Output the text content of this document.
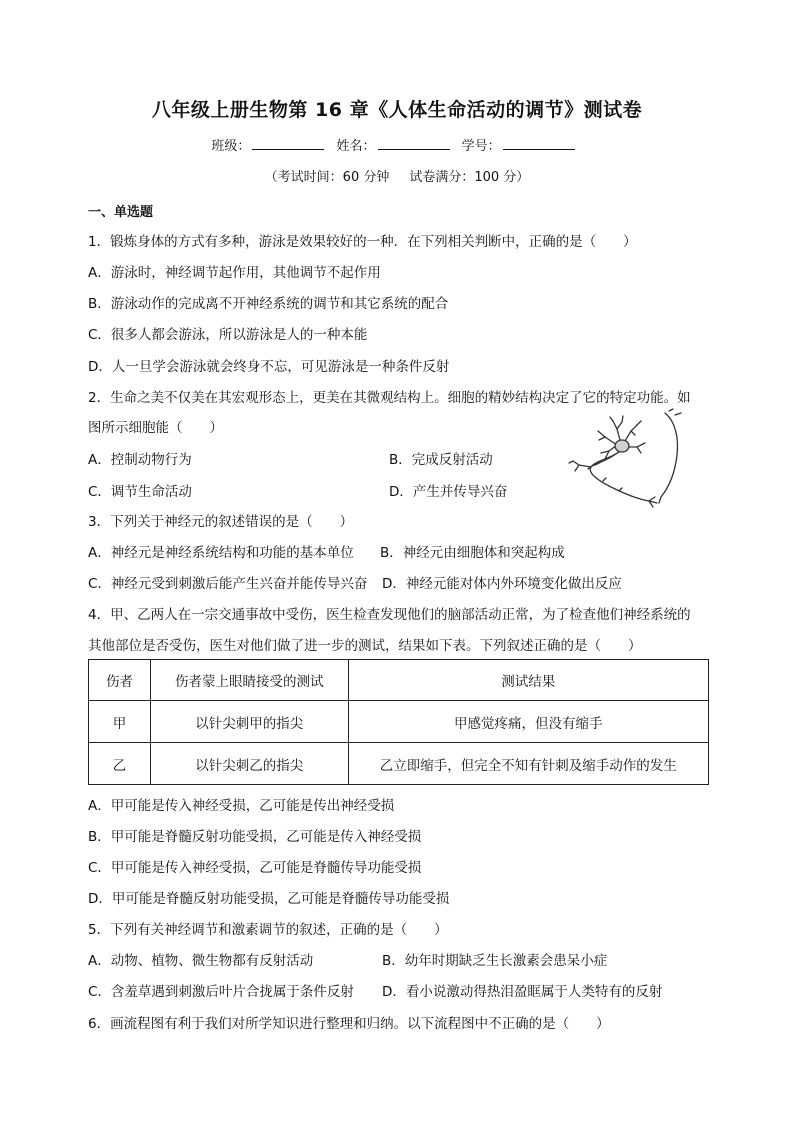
八年级上册生物第 16 章《人体生命活动的调节》测试卷
班级：	姓名：	学号：
（考试时间：60 分钟 试卷满分：100 分）
一、单选题
1．锻炼身体的方式有多种，游泳是效果较好的一种．在下列相关判断中，正确的是（　　）
A．游泳时，神经调节起作用，其他调节不起作用
B．游泳动作的完成离不开神经系统的调节和其它系统的配合
C．很多人都会游泳，所以游泳是人的一种本能
D．人一旦学会游泳就会终身不忘，可见游泳是一种条件反射
2．生命之美不仅美在其宏观形态上，更美在其微观结构上。细胞的精妙结构决定了它的特定功能。如
图所示细胞能（　　）
A．控制动物行为	B．完成反射活动
C．调节生命活动	D．产生并传导兴奋
3．下列关于神经元的叙述错误的是（　　）
A．神经元是神经系统结构和功能的基本单位 B．神经元由细胞体和突起构成
C．神经元受到刺激后能产生兴奋并能传导兴奋 D．神经元能对体内外环境变化做出反应
4．甲、乙两人在一宗交通事故中受伤，医生检查发现他们的脑部活动正常，为了检查他们神经系统的
其他部位是否受伤，医生对他们做了进一步的测试，结果如下表。下列叙述正确的是（　　）
伤者	伤者蒙上眼睛接受的测试	测试结果
甲	以针尖刺甲的指尖	甲感觉疼痛，但没有缩手
乙	以针尖刺乙的指尖	乙立即缩手，但完全不知有针刺及缩手动作的发生
A．甲可能是传入神经受损，乙可能是传出神经受损
B．甲可能是脊髓反射功能受损，乙可能是传入神经受损
C．甲可能是传入神经受损，乙可能是脊髓传导功能受损
D．甲可能是脊髓反射功能受损，乙可能是脊髓传导功能受损
5．下列有关神经调节和激素调节的叙述，正确的是（　　）
A．动物、植物、微生物都有反射活动	B．幼年时期缺乏生长激素会患呆小症
C．含羞草遇到刺激后叶片合拢属于条件反射 D．看小说激动得热泪盈眶属于人类特有的反射
6．画流程图有利于我们对所学知识进行整理和归纳。以下流程图中不正确的是（　　）
